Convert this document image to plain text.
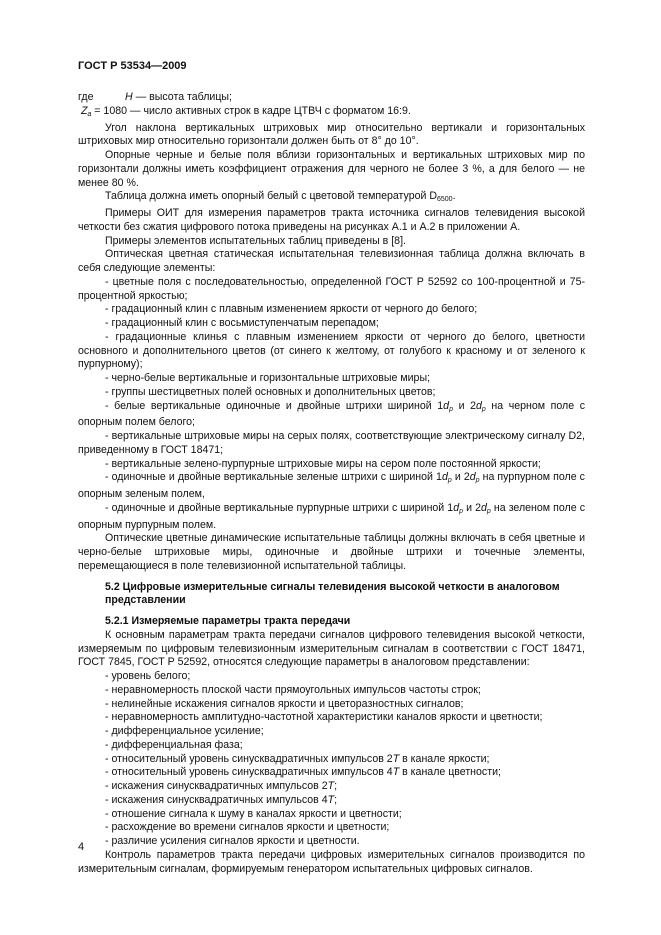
ГОСТ Р 53534—2009
где	H — высота таблицы;

$Z_a = 1080$ — число активных строк в кадре ЦТВЧ с форматом 16:9.

Угол наклона вертикальных штриховых мир относительно вертикали и горизонтальных штриховых мир относительно горизонтали должен быть от 8° до 10°.

Опорные черные и белые поля вблизи горизонтальных и вертикальных штриховых мир по горизонтали должны иметь коэффициент отражения для черного не более 3 %, а для белого — не менее 80 %.

Таблица должна иметь опорный белый с цветовой температурой $D_{6500}$.

Примеры ОИТ для измерения параметров тракта источника сигналов телевидения высокой четкости без сжатия цифрового потока приведены на рисунках А.1 и А.2 в приложении А.

Примеры элементов испытательных таблиц приведены в [8].

Оптическая цветная статическая испытательная телевизионная таблица должна включать в себя следующие элементы:

- цветные поля с последовательностью, определенной ГОСТ Р 52592 со 100-процентной и 75-процентной яркостью;

- градационный клин с плавным изменением яркости от черного до белого;

- градационный клин с восьмиступенчатым перепадом;

- градационные клинья с плавным изменением яркости от черного до белого, цветности основного и дополнительного цветов (от синего к желтому, от голубого к красному и от зеленого к пурпурному);

- черно-белые вертикальные и горизонтальные штриховые миры;

- группы шестицветных полей основных и дополнительных цветов;

- белые вертикальные одиночные и двойные штрихи шириной $1d_p$ и $2d_p$ на черном поле с опорным полем белого;

- вертикальные штриховые миры на серых полях, соответствующие электрическому сигналу D2, приведенному в ГОСТ 18471;

- вертикальные зелено-пурпурные штриховые миры на сером поле постоянной яркости;

- одиночные и двойные вертикальные зеленые штрихи с шириной $1d_p$ и $2d_p$ на пурпурном поле с опорным зеленым полем,

- одиночные и двойные вертикальные пурпурные штрихи с шириной $1d_p$ и $2d_p$ на зеленом поле с опорным пурпурным полем.

Оптические цветные динамические испытательные таблицы должны включать в себя цветные и черно-белые штриховые миры, одиночные и двойные штрихи и точечные элементы, перемещающиеся в поле телевизионной испытательной таблицы.

5.2 Цифровые измерительные сигналы телевидения высокой четкости в аналоговом представлении

5.2.1 Измеряемые параметры тракта передачи

К основным параметрам тракта передачи сигналов цифрового телевидения высокой четкости, измеряемым по цифровым телевизионным измерительным сигналам в соответствии с ГОСТ 18471, ГОСТ 7845, ГОСТ Р 52592, относятся следующие параметры в аналоговом представлении:

- уровень белого;

- неравномерность плоской части прямоугольных импульсов частоты строк;

- нелинейные искажения сигналов яркости и цветоразностных сигналов;

- неравномерность амплитудно-частотной характеристики каналов яркости и цветности;

- дифференциальное усиление;

- дифференциальная фаза;

- относительный уровень синусквадратичных импульсов 2T в канале яркости;

- относительный уровень синусквадратичных импульсов 4T в канале цветности;

- искажения синусквадратичных импульсов 2T;

- искажения синусквадратичных импульсов 4T;

- отношение сигнала к шуму в каналах яркости и цветности;

- расхождение во времени сигналов яркости и цветности;

- различие усиления сигналов яркости и цветности.

Контроль параметров тракта передачи цифровых измерительных сигналов производится по измерительным сигналам, формируемым генератором испытательных цифровых сигналов.

4
